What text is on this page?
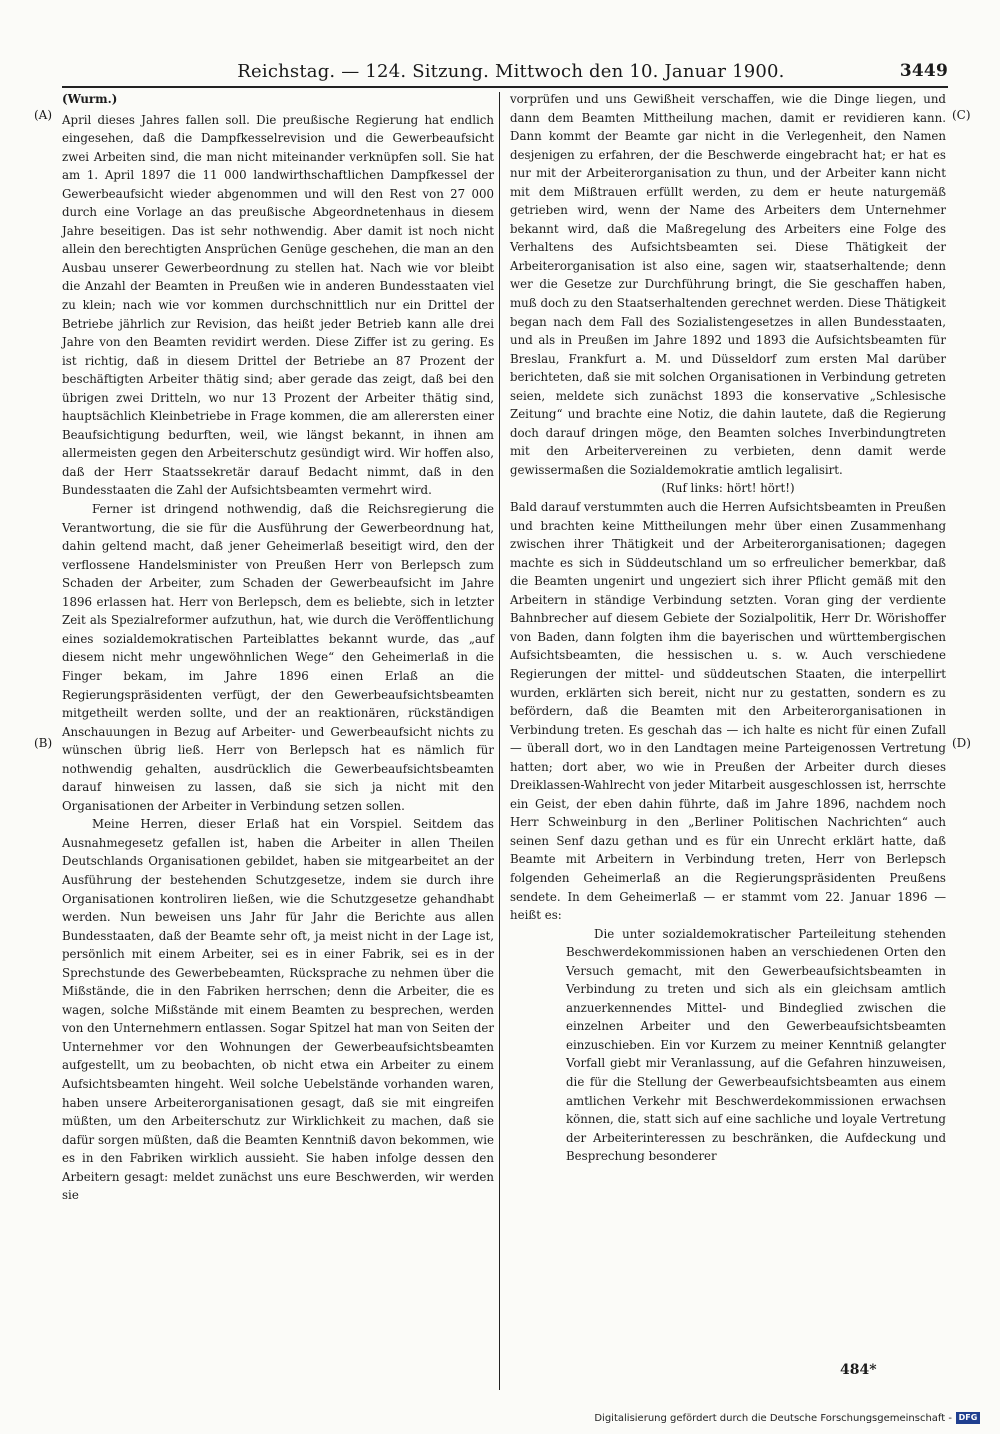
Reichstag. — 124. Sitzung. Mittwoch den 10. Januar 1900.	3449
(A)
(B)
(C)
(D)

(Wurm.)

April dieses Jahres fallen soll. Die preußische Regierung hat endlich eingesehen, daß die Dampfkesselrevision und die Gewerbeaufsicht zwei Arbeiten sind, die man nicht miteinander verknüpfen soll. Sie hat am 1. April 1897 die 11 000 landwirthschaftlichen Dampfkessel der Gewerbeaufsicht wieder abgenommen und will den Rest von 27 000 durch eine Vorlage an das preußische Abgeordnetenhaus in diesem Jahre beseitigen. Das ist sehr nothwendig. Aber damit ist noch nicht allein den berechtigten Ansprüchen Genüge geschehen, die man an den Ausbau unserer Gewerbeordnung zu stellen hat. Nach wie vor bleibt die Anzahl der Beamten in Preußen wie in anderen Bundesstaaten viel zu klein; nach wie vor kommen durchschnittlich nur ein Drittel der Betriebe jährlich zur Revision, das heißt jeder Betrieb kann alle drei Jahre von den Beamten revidirt werden. Diese Ziffer ist zu gering. Es ist richtig, daß in diesem Drittel der Betriebe an 87 Prozent der beschäftigten Arbeiter thätig sind; aber gerade das zeigt, daß bei den übrigen zwei Dritteln, wo nur 13 Prozent der Arbeiter thätig sind, hauptsächlich Kleinbetriebe in Frage kommen, die am allerersten einer Beaufsichtigung bedurften, weil, wie längst bekannt, in ihnen am allermeisten gegen den Arbeiterschutz gesündigt wird. Wir hoffen also, daß der Herr Staatssekretär darauf Bedacht nimmt, daß in den Bundesstaaten die Zahl der Aufsichtsbeamten vermehrt wird.

Ferner ist dringend nothwendig, daß die Reichsregierung die Verantwortung, die sie für die Ausführung der Gewerbeordnung hat, dahin geltend macht, daß jener Geheimerlaß beseitigt wird, den der verflossene Handelsminister von Preußen Herr von Berlepsch zum Schaden der Arbeiter, zum Schaden der Gewerbeaufsicht im Jahre 1896 erlassen hat. Herr von Berlepsch, dem es beliebte, sich in letzter Zeit als Spezialreformer aufzuthun, hat, wie durch die Veröffentlichung eines sozialdemokratischen Parteiblattes bekannt wurde, das „auf diesem nicht mehr ungewöhnlichen Wege“ den Geheimerlaß in die Finger bekam, im Jahre 1896 einen Erlaß an die Regierungspräsidenten verfügt, der den Gewerbeaufsichtsbeamten mitgetheilt werden sollte, und der an reaktionären, rückständigen Anschauungen in Bezug auf Arbeiter- und Gewerbeaufsicht nichts zu wünschen übrig ließ. Herr von Berlepsch hat es nämlich für nothwendig gehalten, ausdrücklich die Gewerbeaufsichtsbeamten darauf hinweisen zu lassen, daß sie sich ja nicht mit den Organisationen der Arbeiter in Verbindung setzen sollen.

Meine Herren, dieser Erlaß hat ein Vorspiel. Seitdem das Ausnahmegesetz gefallen ist, haben die Arbeiter in allen Theilen Deutschlands Organisationen gebildet, haben sie mitgearbeitet an der Ausführung der bestehenden Schutzgesetze, indem sie durch ihre Organisationen kontroliren ließen, wie die Schutzgesetze gehandhabt werden. Nun beweisen uns Jahr für Jahr die Berichte aus allen Bundesstaaten, daß der Beamte sehr oft, ja meist nicht in der Lage ist, persönlich mit einem Arbeiter, sei es in einer Fabrik, sei es in der Sprechstunde des Gewerbebeamten, Rücksprache zu nehmen über die Mißstände, die in den Fabriken herrschen; denn die Arbeiter, die es wagen, solche Mißstände mit einem Beamten zu besprechen, werden von den Unternehmern entlassen. Sogar Spitzel hat man von Seiten der Unternehmer vor den Wohnungen der Gewerbeaufsichtsbeamten aufgestellt, um zu beobachten, ob nicht etwa ein Arbeiter zu einem Aufsichtsbeamten hingeht. Weil solche Uebelstände vorhanden waren, haben unsere Arbeiterorganisationen gesagt, daß sie mit eingreifen müßten, um den Arbeiterschutz zur Wirklichkeit zu machen, daß sie dafür sorgen müßten, daß die Beamten Kenntniß davon bekommen, wie es in den Fabriken wirklich aussieht. Sie haben infolge dessen den Arbeitern gesagt: meldet zunächst uns eure Beschwerden, wir werden sie

vorprüfen und uns Gewißheit verschaffen, wie die Dinge liegen, und dann dem Beamten Mittheilung machen, damit er revidieren kann. Dann kommt der Beamte gar nicht in die Verlegenheit, den Namen desjenigen zu erfahren, der die Beschwerde eingebracht hat; er hat es nur mit der Arbeiterorganisation zu thun, und der Arbeiter kann nicht mit dem Mißtrauen erfüllt werden, zu dem er heute naturgemäß getrieben wird, wenn der Name des Arbeiters dem Unternehmer bekannt wird, daß die Maßregelung des Arbeiters eine Folge des Verhaltens des Aufsichtsbeamten sei. Diese Thätigkeit der Arbeiterorganisation ist also eine, sagen wir, staatserhaltende; denn wer die Gesetze zur Durchführung bringt, die Sie geschaffen haben, muß doch zu den Staatserhaltenden gerechnet werden. Diese Thätigkeit began nach dem Fall des Sozialistengesetzes in allen Bundesstaaten, und als in Preußen im Jahre 1892 und 1893 die Aufsichtsbeamten für Breslau, Frankfurt a. M. und Düsseldorf zum ersten Mal darüber berichteten, daß sie mit solchen Organisationen in Verbindung getreten seien, meldete sich zunächst 1893 die konservative „Schlesische Zeitung“ und brachte eine Notiz, die dahin lautete, daß die Regierung doch darauf dringen möge, den Beamten solches Inverbindungtreten mit den Arbeitervereinen zu verbieten, denn damit werde gewissermaßen die Sozialdemokratie amtlich legalisirt.

(Ruf links: hört! hört!)

Bald darauf verstummten auch die Herren Aufsichtsbeamten in Preußen und brachten keine Mittheilungen mehr über einen Zusammenhang zwischen ihrer Thätigkeit und der Arbeiterorganisationen; dagegen machte es sich in Süddeutschland um so erfreulicher bemerkbar, daß die Beamten ungenirt und ungeziert sich ihrer Pflicht gemäß mit den Arbeitern in ständige Verbindung setzten. Voran ging der verdiente Bahnbrecher auf diesem Gebiete der Sozialpolitik, Herr Dr. Wörishoffer von Baden, dann folgten ihm die bayerischen und württembergischen Aufsichtsbeamten, die hessischen u. s. w. Auch verschiedene Regierungen der mittel- und süddeutschen Staaten, die interpellirt wurden, erklärten sich bereit, nicht nur zu gestatten, sondern es zu befördern, daß die Beamten mit den Arbeiterorganisationen in Verbindung treten. Es geschah das — ich halte es nicht für einen Zufall — überall dort, wo in den Landtagen meine Parteigenossen Vertretung hatten; dort aber, wo wie in Preußen der Arbeiter durch dieses Dreiklassen-Wahlrecht von jeder Mitarbeit ausgeschlossen ist, herrschte ein Geist, der eben dahin führte, daß im Jahre 1896, nachdem noch Herr Schweinburg in den „Berliner Politischen Nachrichten“ auch seinen Senf dazu gethan und es für ein Unrecht erklärt hatte, daß Beamte mit Arbeitern in Verbindung treten, Herr von Berlepsch folgenden Geheimerlaß an die Regierungspräsidenten Preußens sendete. In dem Geheimerlaß — er stammt vom 22. Januar 1896 — heißt es:

Die unter sozialdemokratischer Parteileitung stehenden Beschwerdekommissionen haben an verschiedenen Orten den Versuch gemacht, mit den Gewerbeaufsichtsbeamten in Verbindung zu treten und sich als ein gleichsam amtlich anzuerkennendes Mittel- und Bindeglied zwischen die einzelnen Arbeiter und den Gewerbeaufsichtsbeamten einzuschieben. Ein vor Kurzem zu meiner Kenntniß gelangter Vorfall giebt mir Veranlassung, auf die Gefahren hinzuweisen, die für die Stellung der Gewerbeaufsichtsbeamten aus einem amtlichen Verkehr mit Beschwerdekommissionen erwachsen können, die, statt sich auf eine sachliche und loyale Vertretung der Arbeiterinteressen zu beschränken, die Aufdeckung und Besprechung besonderer

484*
Digitalisierung gefördert durch die Deutsche Forschungsgemeinschaft - DFG
